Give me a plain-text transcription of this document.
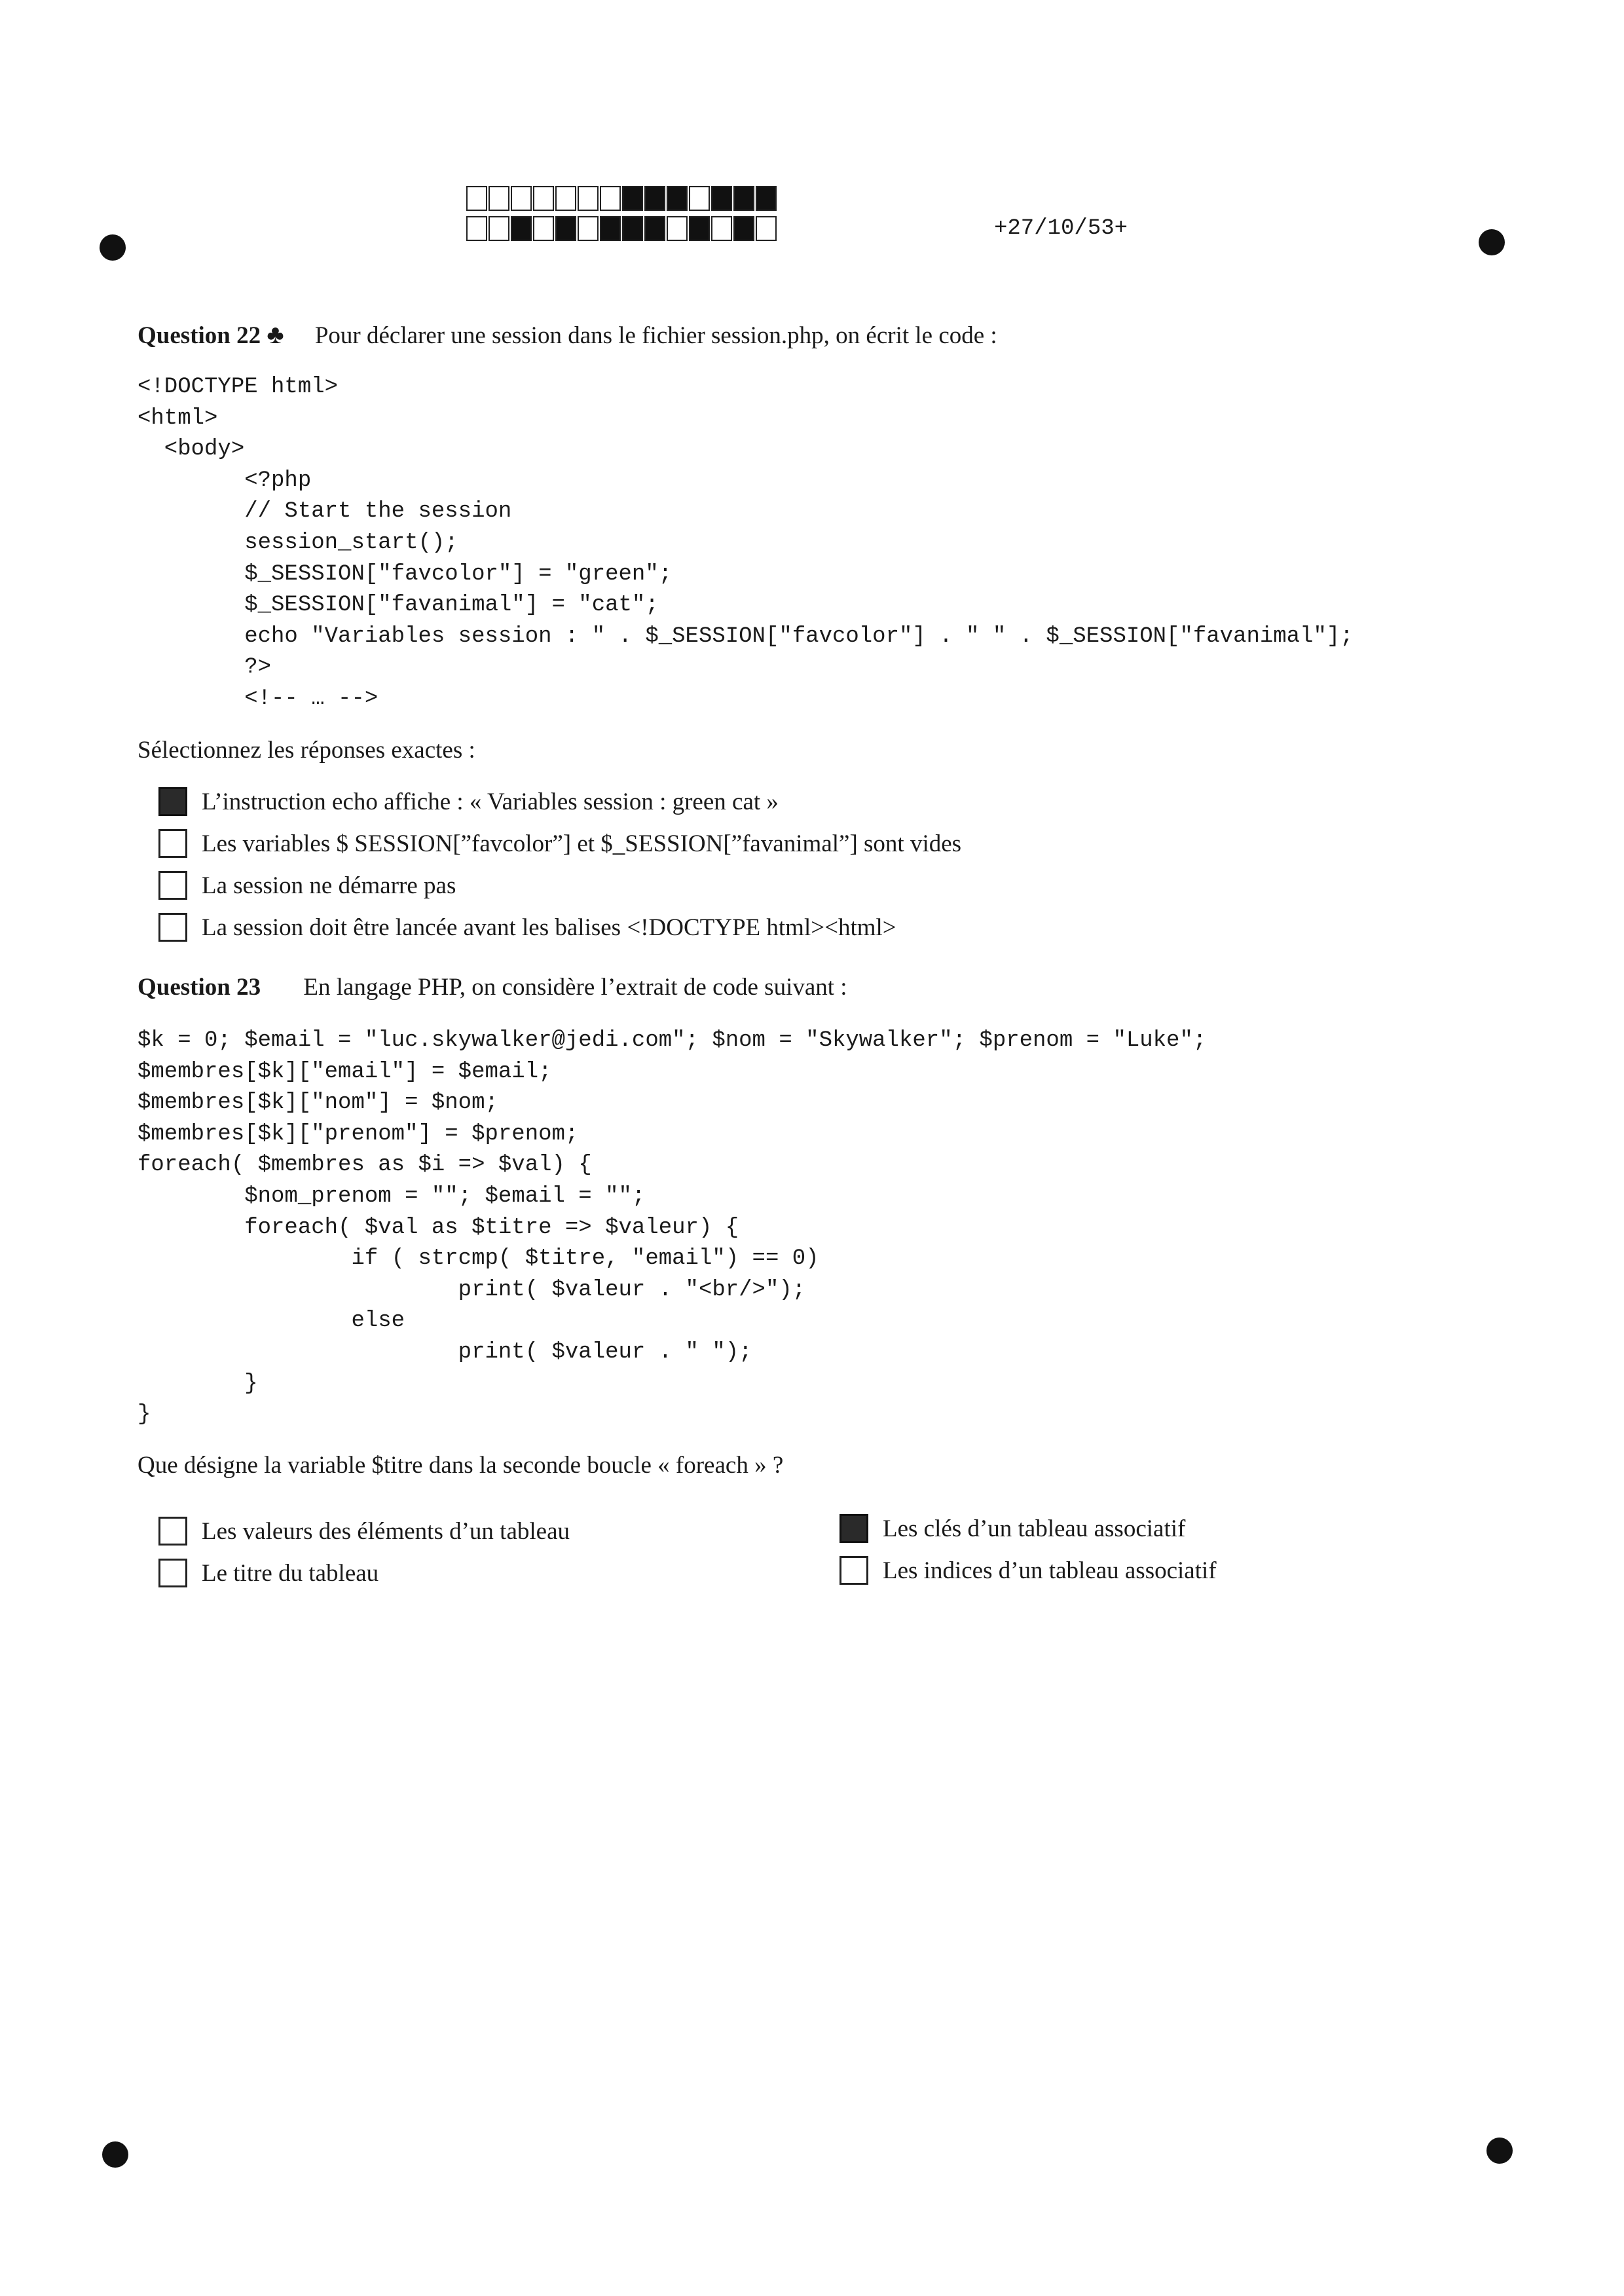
+27/10/53+
Question 22 ♣ Pour déclarer une session dans le fichier session.php, on écrit le code :
<!DOCTYPE html>
<html>
<body>
<?php
// Start the session
session_start();
$_SESSION["favcolor"] = "green";
$_SESSION["favanimal"] = "cat";
echo "Variables session : " . $_SESSION["favcolor"] . " " . $_SESSION["favanimal"];
?>
<!-- … -->
Sélectionnez les réponses exactes :
L’instruction echo affiche : « Variables session : green cat »
Les variables $ SESSION[”favcolor”] et $_SESSION[”favanimal”] sont vides
La session ne démarre pas
La session doit être lancée avant les balises <!DOCTYPE html><html>
Question 23 En langage PHP, on considère l’extrait de code suivant :
$k = 0; $email = "luc.skywalker@jedi.com"; $nom = "Skywalker"; $prenom = "Luke";
$membres[$k]["email"] = $email;
$membres[$k]["nom"] = $nom;
$membres[$k]["prenom"] = $prenom;
foreach( $membres as $i => $val) {
$nom_prenom = ""; $email = "";
foreach( $val as $titre => $valeur) {
if ( strcmp( $titre, "email") == 0)
print( $valeur . "<br/>");
else
print( $valeur . " ");
}
}
Que désigne la variable $titre dans la seconde boucle « foreach » ?
Les valeurs des éléments d’un tableau
Le titre du tableau
Les clés d’un tableau associatif
Les indices d’un tableau associatif
